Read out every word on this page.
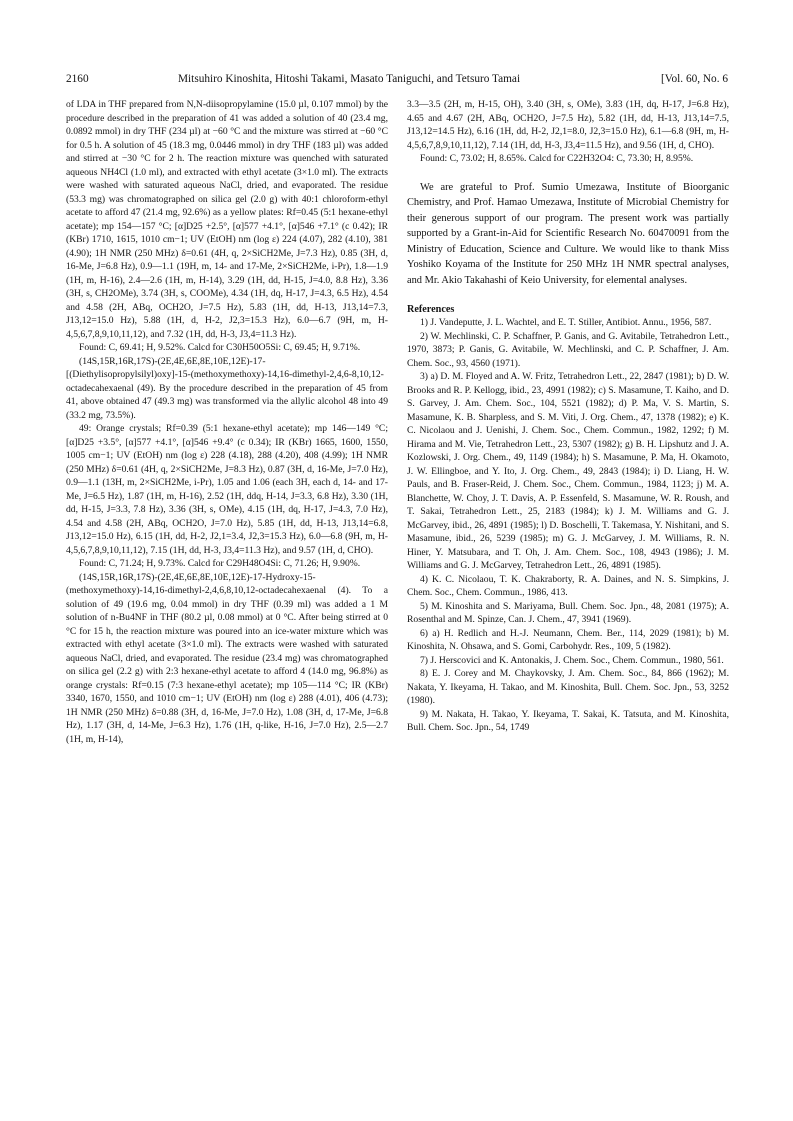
2160	Mitsuhiro Kinoshita, Hitoshi Takami, Masato Taniguchi, and Tetsuro Tamai	[Vol. 60, No. 6

of LDA in THF prepared from N,N-diisopropylamine (15.0 µl, 0.107 mmol) by the procedure described in the preparation of 41 was added a solution of 40 (23.4 mg, 0.0892 mmol) in dry THF (234 µl) at −60 °C and the mixture was stirred at −60 °C for 0.5 h. A solution of 45 (18.3 mg, 0.0446 mmol) in dry THF (183 µl) was added and stirred at −30 °C for 2 h. The reaction mixture was quenched with saturated aqueous NH4Cl (1.0 ml), and extracted with ethyl acetate (3×1.0 ml). The extracts were washed with saturated aqueous NaCl, dried, and evaporated. The residue (53.3 mg) was chromatographed on silica gel (2.0 g) with 40:1 chloroform-ethyl acetate to afford 47 (21.4 mg, 92.6%) as a yellow plates: Rf=0.45 (5:1 hexane-ethyl acetate); mp 154—157 °C; [α]D25 +2.5°, [α]577 +4.1°, [α]546 +7.1° (c 0.42); IR (KBr) 1710, 1615, 1010 cm−1; UV (EtOH) nm (log ε) 224 (4.07), 282 (4.10), 381 (4.90); 1H NMR (250 MHz) δ=0.61 (4H, q, 2×SiCH2Me, J=7.3 Hz), 0.85 (3H, d, 16-Me, J=6.8 Hz), 0.9—1.1 (19H, m, 14- and 17-Me, 2×SiCH2Me, i-Pr), 1.8—1.9 (1H, m, H-16), 2.4—2.6 (1H, m, H-14), 3.29 (1H, dd, H-15, J=4.0, 8.8 Hz), 3.36 (3H, s, CH2OMe), 3.74 (3H, s, COOMe), 4.34 (1H, dq, H-17, J=4.3, 6.5 Hz), 4.54 and 4.58 (2H, ABq, OCH2O, J=7.5 Hz), 5.83 (1H, dd, H-13, J13,14=7.3, J13,12=15.0 Hz), 5.88 (1H, d, H-2, J2,3=15.3 Hz), 6.0—6.7 (9H, m, H-4,5,6,7,8,9,10,11,12), and 7.32 (1H, dd, H-3, J3,4=11.3 Hz).

Found: C, 69.41; H, 9.52%. Calcd for C30H50O5Si: C, 69.45; H, 9.71%.

(14S,15R,16R,17S)-(2E,4E,6E,8E,10E,12E)-17-[(Diethylisopropylsilyl)oxy]-15-(methoxymethoxy)-14,16-dimethyl-2,4,6-8,10,12-octadecahexaenal (49). By the procedure described in the preparation of 45 from 41, above obtained 47 (49.3 mg) was transformed via the allylic alcohol 48 into 49 (33.2 mg, 73.5%).

49: Orange crystals; Rf=0.39 (5:1 hexane-ethyl acetate); mp 146—149 °C; [α]D25 +3.5°, [α]577 +4.1°, [α]546 +9.4° (c 0.34); IR (KBr) 1665, 1600, 1550, 1005 cm−1; UV (EtOH) nm (log ε) 228 (4.18), 288 (4.20), 408 (4.99); 1H NMR (250 MHz) δ=0.61 (4H, q, 2×SiCH2Me, J=8.3 Hz), 0.87 (3H, d, 16-Me, J=7.0 Hz), 0.9—1.1 (13H, m, 2×SiCH2Me, i-Pr), 1.05 and 1.06 (each 3H, each d, 14- and 17-Me, J=6.5 Hz), 1.87 (1H, m, H-16), 2.52 (1H, ddq, H-14, J=3.3, 6.8 Hz), 3.30 (1H, dd, H-15, J=3.3, 7.8 Hz), 3.36 (3H, s, OMe), 4.15 (1H, dq, H-17, J=4.3, 7.0 Hz), 4.54 and 4.58 (2H, ABq, OCH2O, J=7.0 Hz), 5.85 (1H, dd, H-13, J13,14=6.8, J13,12=15.0 Hz), 6.15 (1H, dd, H-2, J2,1=3.4, J2,3=15.3 Hz), 6.0—6.8 (9H, m, H-4,5,6,7,8,9,10,11,12), 7.15 (1H, dd, H-3, J3,4=11.3 Hz), and 9.57 (1H, d, CHO).

Found: C, 71.24; H, 9.73%. Calcd for C29H48O4Si: C, 71.26; H, 9.90%.

(14S,15R,16R,17S)-(2E,4E,6E,8E,10E,12E)-17-Hydroxy-15-(methoxymethoxy)-14,16-dimethyl-2,4,6,8,10,12-octadecahexaenal (4). To a solution of 49 (19.6 mg, 0.04 mmol) in dry THF (0.39 ml) was added a 1 M solution of n-Bu4NF in THF (80.2 µl, 0.08 mmol) at 0 °C. After being stirred at 0 °C for 15 h, the reaction mixture was poured into an ice-water mixture which was extracted with ethyl acetate (3×1.0 ml). The extracts were washed with saturated aqueous NaCl, dried, and evaporated. The residue (23.4 mg) was chromatographed on silica gel (2.2 g) with 2:3 hexane-ethyl acetate to afford 4 (14.0 mg, 96.8%) as orange crystals: Rf=0.15 (7:3 hexane-ethyl acetate); mp 105—114 °C; IR (KBr) 3340, 1670, 1550, and 1010 cm−1; UV (EtOH) nm (log ε) 288 (4.01), 406 (4.73); 1H NMR (250 MHz) δ=0.88 (3H, d, 16-Me, J=7.0 Hz), 1.08 (3H, d, 17-Me, J=6.8 Hz), 1.17 (3H, d, 14-Me, J=6.3 Hz), 1.76 (1H, q-like, H-16, J=7.0 Hz), 2.5—2.7 (1H, m, H-14),

3.3—3.5 (2H, m, H-15, OH), 3.40 (3H, s, OMe), 3.83 (1H, dq, H-17, J=6.8 Hz), 4.65 and 4.67 (2H, ABq, OCH2O, J=7.5 Hz), 5.82 (1H, dd, H-13, J13,14=7.5, J13,12=14.5 Hz), 6.16 (1H, dd, H-2, J2,1=8.0, J2,3=15.0 Hz), 6.1—6.8 (9H, m, H-4,5,6,7,8,9,10,11,12), 7.14 (1H, dd, H-3, J3,4=11.5 Hz), and 9.56 (1H, d, CHO).

Found: C, 73.02; H, 8.65%. Calcd for C22H32O4: C, 73.30; H, 8.95%.

We are grateful to Prof. Sumio Umezawa, Institute of Bioorganic Chemistry, and Prof. Hamao Umezawa, Institute of Microbial Chemistry for their generous support of our program. The present work was partially supported by a Grant-in-Aid for Scientific Research No. 60470091 from the Ministry of Education, Science and Culture. We would like to thank Miss Yoshiko Koyama of the Institute for 250 MHz 1H NMR spectral analyses, and Mr. Akio Takahashi of Keio University, for elemental analyses.

References
1) J. Vandeputte, J. L. Wachtel, and E. T. Stiller, Antibiot. Annu., 1956, 587.
2) W. Mechlinski, C. P. Schaffner, P. Ganis, and G. Avitabile, Tetrahedron Lett., 1970, 3873; P. Ganis, G. Avitabile, W. Mechlinski, and C. P. Schaffner, J. Am. Chem. Soc., 93, 4560 (1971).
3) a) D. M. Floyed and A. W. Fritz, Tetrahedron Lett., 22, 2847 (1981); b) D. W. Brooks and R. P. Kellogg, ibid., 23, 4991 (1982); c) S. Masamune, T. Kaiho, and D. S. Garvey, J. Am. Chem. Soc., 104, 5521 (1982); d) P. Ma, V. S. Martin, S. Masamune, K. B. Sharpless, and S. M. Viti, J. Org. Chem., 47, 1378 (1982); e) K. C. Nicolaou and J. Uenishi, J. Chem. Soc., Chem. Commun., 1982, 1292; f) M. Hirama and M. Vie, Tetrahedron Lett., 23, 5307 (1982); g) B. H. Lipshutz and J. A. Kozlowski, J. Org. Chem., 49, 1149 (1984); h) S. Masamune, P. Ma, H. Okamoto, J. W. Ellingboe, and Y. Ito, J. Org. Chem., 49, 2843 (1984); i) D. Liang, H. W. Pauls, and B. Fraser-Reid, J. Chem. Soc., Chem. Commun., 1984, 1123; j) M. A. Blanchette, W. Choy, J. T. Davis, A. P. Essenfeld, S. Masamune, W. R. Roush, and T. Sakai, Tetrahedron Lett., 25, 2183 (1984); k) J. M. Williams and G. J. McGarvey, ibid., 26, 4891 (1985); l) D. Boschelli, T. Takemasa, Y. Nishitani, and S. Masamune, ibid., 26, 5239 (1985); m) G. J. McGarvey, J. M. Williams, R. N. Hiner, Y. Matsubara, and T. Oh, J. Am. Chem. Soc., 108, 4943 (1986); J. M. Williams and G. J. McGarvey, Tetrahedron Lett., 26, 4891 (1985).
4) K. C. Nicolaou, T. K. Chakraborty, R. A. Daines, and N. S. Simpkins, J. Chem. Soc., Chem. Commun., 1986, 413.
5) M. Kinoshita and S. Mariyama, Bull. Chem. Soc. Jpn., 48, 2081 (1975); A. Rosenthal and M. Spinze, Can. J. Chem., 47, 3941 (1969).
6) a) H. Redlich and H.-J. Neumann, Chem. Ber., 114, 2029 (1981); b) M. Kinoshita, N. Ohsawa, and S. Gomi, Carbohydr. Res., 109, 5 (1982).
7) J. Herscovici and K. Antonakis, J. Chem. Soc., Chem. Commun., 1980, 561.
8) E. J. Corey and M. Chaykovsky, J. Am. Chem. Soc., 84, 866 (1962); M. Nakata, Y. Ikeyama, H. Takao, and M. Kinoshita, Bull. Chem. Soc. Jpn., 53, 3252 (1980).
9) M. Nakata, H. Takao, Y. Ikeyama, T. Sakai, K. Tatsuta, and M. Kinoshita, Bull. Chem. Soc. Jpn., 54, 1749
